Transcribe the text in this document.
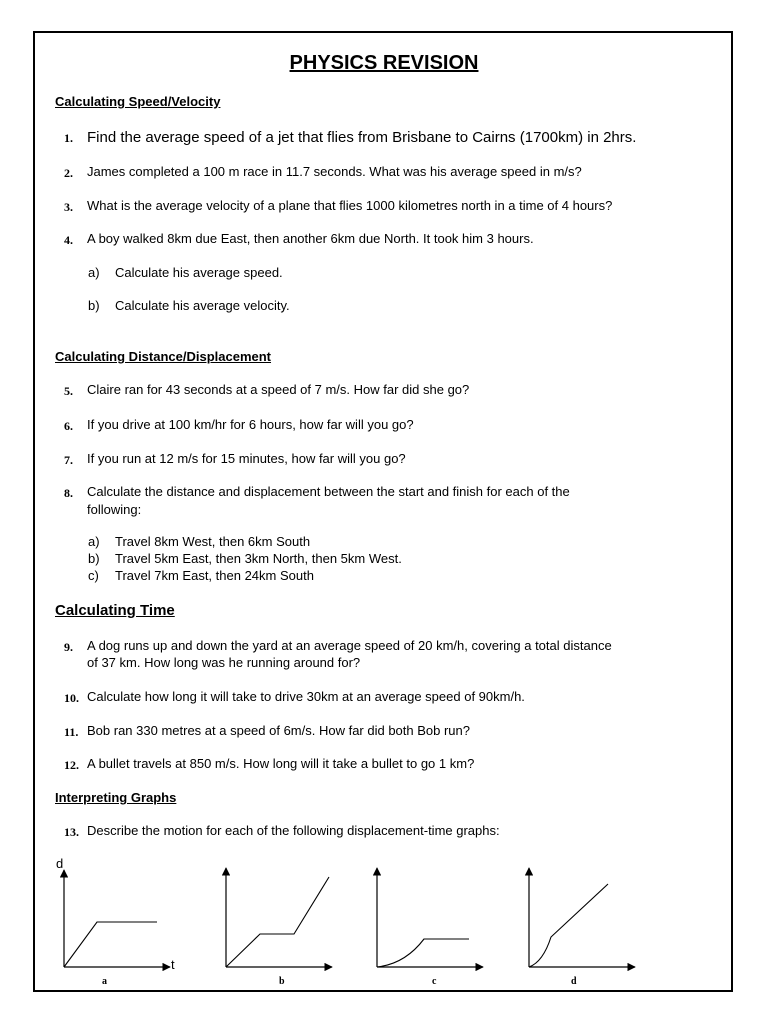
PHYSICS REVISION
Calculating Speed/Velocity
1. Find the average speed of a jet that flies from Brisbane to Cairns (1700km) in 2hrs.
2. James completed a 100 m race in 11.7 seconds. What was his average speed in m/s?
3. What is the average velocity of a plane that flies 1000 kilometres north in a time of 4 hours?
4. A boy walked 8km due East, then another 6km due North. It took him 3 hours.
a) Calculate his average speed.
b) Calculate his average velocity.
Calculating Distance/Displacement
5. Claire ran for 43 seconds at a speed of 7 m/s. How far did she go?
6. If you drive at 100 km/hr for 6 hours, how far will you go?
7. If you run at 12 m/s for 15 minutes, how far will you go?
8. Calculate the distance and displacement between the start and finish for each of the
following:
a) Travel 8km West, then 6km South
b) Travel 5km East, then 3km North, then 5km West.
c) Travel 7km East, then 24km South
Calculating Time
9. A dog runs up and down the yard at an average speed of 20 km/h, covering a total distance
of 37 km. How long was he running around for?
10. Calculate how long it will take to drive 30km at an average speed of 90km/h.
11. Bob ran 330 metres at a speed of 6m/s. How far did both Bob run?
12. A bullet travels at 850 m/s. How long will it take a bullet to go 1 km?
Interpreting Graphs
13. Describe the motion for each of the following displacement-time graphs:
d
t
a	b	c	d
